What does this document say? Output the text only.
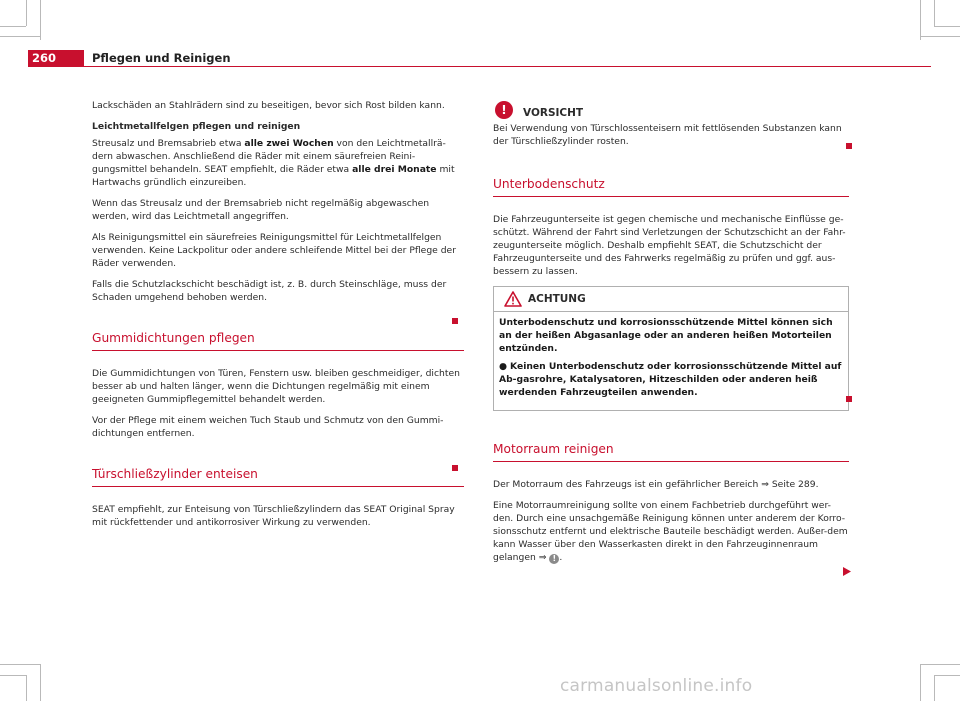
260	Pflegen und Reinigen

Lackschäden an Stahlrädern sind zu beseitigen, bevor sich Rost bilden kann.

Leichtmetallfelgen pflegen und reinigen

Streusalz und Bremsabrieb etwa alle zwei Wochen von den Leichtmetallrä-dern abwaschen. Anschließend die Räder mit einem säurefreien Reini-gungsmittel behandeln. SEAT empfiehlt, die Räder etwa alle drei Monate mit Hartwachs gründlich einzureiben.

Wenn das Streusalz und der Bremsabrieb nicht regelmäßig abgewaschen werden, wird das Leichtmetall angegriffen.

Als Reinigungsmittel ein säurefreies Reinigungsmittel für Leichtmetallfelgen verwenden. Keine Lackpolitur oder andere schleifende Mittel bei der Pflege der Räder verwenden.

Falls die Schutzlackschicht beschädigt ist, z. B. durch Steinschläge, muss der Schaden umgehend behoben werden.

Gummidichtungen pflegen

Die Gummidichtungen von Türen, Fenstern usw. bleiben geschmeidiger, dichten besser ab und halten länger, wenn die Dichtungen regelmäßig mit einem geeigneten Gummipflegemittel behandelt werden.

Vor der Pflege mit einem weichen Tuch Staub und Schmutz von den Gummi-dichtungen entfernen.

Türschließzylinder enteisen

SEAT empfiehlt, zur Enteisung von Türschließzylindern das SEAT Original Spray mit rückfettender und antikorrosiver Wirkung zu verwenden.

!	VORSICHT

Bei Verwendung von Türschlossenteisern mit fettlösenden Substanzen kann der Türschließzylinder rosten.

Unterbodenschutz

Die Fahrzeugunterseite ist gegen chemische und mechanische Einflüsse ge-schützt. Während der Fahrt sind Verletzungen der Schutzschicht an der Fahr-zeugunterseite möglich. Deshalb empfiehlt SEAT, die Schutzschicht der Fahrzeugunterseite und des Fahrwerks regelmäßig zu prüfen und ggf. aus-bessern zu lassen.

ACHTUNG

Unterbodenschutz und korrosionsschützende Mittel können sich an der heißen Abgasanlage oder an anderen heißen Motorteilen entzünden.

● Keinen Unterbodenschutz oder korrosionsschützende Mittel auf Ab-gasrohre, Katalysatoren, Hitzeschilden oder anderen heiß werdenden Fahrzeugteilen anwenden.

Motorraum reinigen

Der Motorraum des Fahrzeugs ist ein gefährlicher Bereich ⇒ Seite 289.

Eine Motorraumreinigung sollte von einem Fachbetrieb durchgeführt wer-den. Durch eine unsachgemäße Reinigung können unter anderem der Korro-sionsschutz entfernt und elektrische Bauteile beschädigt werden. Außer-dem kann Wasser über den Wasserkasten direkt in den Fahrzeuginnenraum gelangen ⇒ ! .

carmanualsonline.info
